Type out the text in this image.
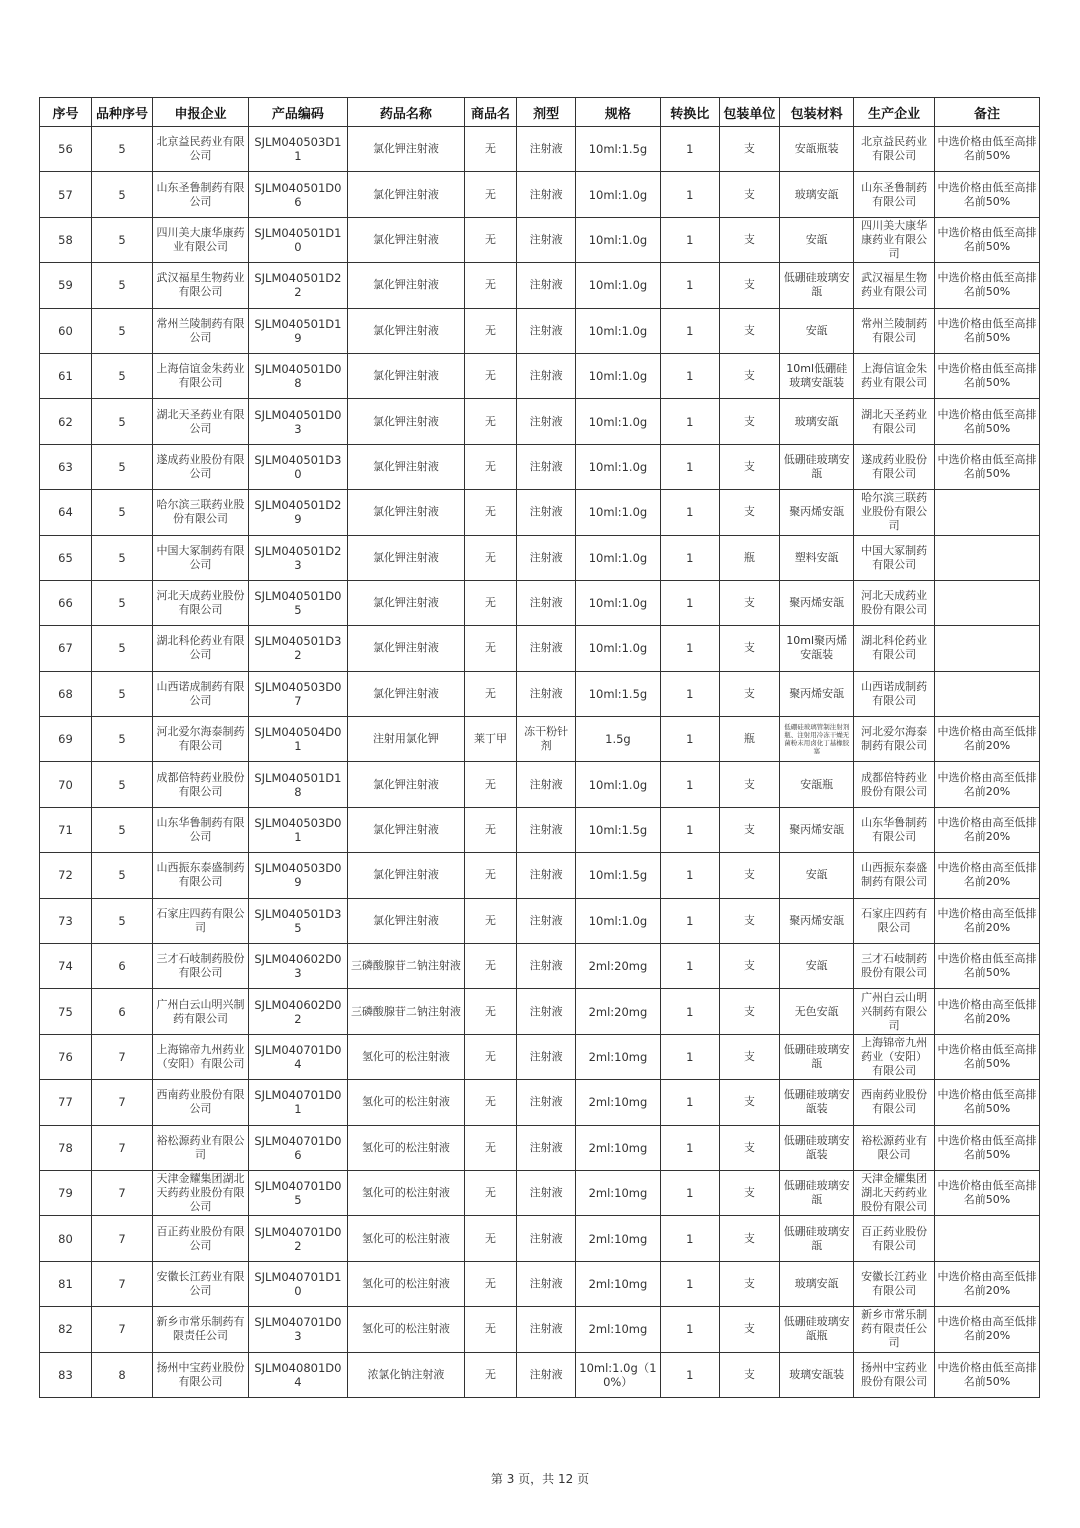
序号	品种序号	申报企业	产品编码	药品名称	商品名	剂型	规格	转换比	包装单位	包装材料	生产企业	备注
56	5	北京益民药业有限公司	SJLM040503D11	氯化钾注射液	无	注射液	10ml:1.5g	1	支	安瓿瓶装	北京益民药业有限公司	中选价格由低至高排名前50%
57	5	山东圣鲁制药有限公司	SJLM040501D06	氯化钾注射液	无	注射液	10ml:1.0g	1	支	玻璃安瓿	山东圣鲁制药有限公司	中选价格由低至高排名前50%
58	5	四川美大康华康药业有限公司	SJLM040501D10	氯化钾注射液	无	注射液	10ml:1.0g	1	支	安瓿	四川美大康华康药业有限公司	中选价格由低至高排名前50%
59	5	武汉福星生物药业有限公司	SJLM040501D22	氯化钾注射液	无	注射液	10ml:1.0g	1	支	低硼硅玻璃安瓿	武汉福星生物药业有限公司	中选价格由低至高排名前50%
60	5	常州兰陵制药有限公司	SJLM040501D19	氯化钾注射液	无	注射液	10ml:1.0g	1	支	安瓿	常州兰陵制药有限公司	中选价格由低至高排名前50%
61	5	上海信谊金朱药业有限公司	SJLM040501D08	氯化钾注射液	无	注射液	10ml:1.0g	1	支	10ml低硼硅玻璃安瓿装	上海信谊金朱药业有限公司	中选价格由低至高排名前50%
62	5	湖北天圣药业有限公司	SJLM040501D03	氯化钾注射液	无	注射液	10ml:1.0g	1	支	玻璃安瓿	湖北天圣药业有限公司	中选价格由低至高排名前50%
63	5	遂成药业股份有限公司	SJLM040501D30	氯化钾注射液	无	注射液	10ml:1.0g	1	支	低硼硅玻璃安瓿	遂成药业股份有限公司	中选价格由低至高排名前50%
64	5	哈尔滨三联药业股份有限公司	SJLM040501D29	氯化钾注射液	无	注射液	10ml:1.0g	1	支	聚丙烯安瓿	哈尔滨三联药业股份有限公司	
65	5	中国大冢制药有限公司	SJLM040501D23	氯化钾注射液	无	注射液	10ml:1.0g	1	瓶	塑料安瓿	中国大冢制药有限公司	
66	5	河北天成药业股份有限公司	SJLM040501D05	氯化钾注射液	无	注射液	10ml:1.0g	1	支	聚丙烯安瓿	河北天成药业股份有限公司	
67	5	湖北科伦药业有限公司	SJLM040501D32	氯化钾注射液	无	注射液	10ml:1.0g	1	支	10ml聚丙烯安瓿装	湖北科伦药业有限公司	
68	5	山西诺成制药有限公司	SJLM040503D07	氯化钾注射液	无	注射液	10ml:1.5g	1	支	聚丙烯安瓿	山西诺成制药有限公司	
69	5	河北爱尔海泰制药有限公司	SJLM040504D01	注射用氯化钾	莱丁甲	冻干粉针剂	1.5g	1	瓶	低硼硅玻璃管制注射剂瓶、注射用冷冻干燥无菌粉末用卤化丁基橡胶塞	河北爱尔海泰制药有限公司	中选价格由高至低排名前20%
70	5	成都倍特药业股份有限公司	SJLM040501D18	氯化钾注射液	无	注射液	10ml:1.0g	1	支	安瓿瓶	成都倍特药业股份有限公司	中选价格由高至低排名前20%
71	5	山东华鲁制药有限公司	SJLM040503D01	氯化钾注射液	无	注射液	10ml:1.5g	1	支	聚丙烯安瓿	山东华鲁制药有限公司	中选价格由高至低排名前20%
72	5	山西振东泰盛制药有限公司	SJLM040503D09	氯化钾注射液	无	注射液	10ml:1.5g	1	支	安瓿	山西振东泰盛制药有限公司	中选价格由高至低排名前20%
73	5	石家庄四药有限公司	SJLM040501D35	氯化钾注射液	无	注射液	10ml:1.0g	1	支	聚丙烯安瓿	石家庄四药有限公司	中选价格由高至低排名前20%
74	6	三才石岐制药股份有限公司	SJLM040602D03	三磷酸腺苷二钠注射液	无	注射液	2ml:20mg	1	支	安瓿	三才石岐制药股份有限公司	中选价格由低至高排名前50%
75	6	广州白云山明兴制药有限公司	SJLM040602D02	三磷酸腺苷二钠注射液	无	注射液	2ml:20mg	1	支	无色安瓿	广州白云山明兴制药有限公司	中选价格由高至低排名前20%
76	7	上海锦帝九州药业（安阳）有限公司	SJLM040701D04	氢化可的松注射液	无	注射液	2ml:10mg	1	支	低硼硅玻璃安瓿	上海锦帝九州药业（安阳）有限公司	中选价格由低至高排名前50%
77	7	西南药业股份有限公司	SJLM040701D01	氢化可的松注射液	无	注射液	2ml:10mg	1	支	低硼硅玻璃安瓿装	西南药业股份有限公司	中选价格由低至高排名前50%
78	7	裕松源药业有限公司	SJLM040701D06	氢化可的松注射液	无	注射液	2ml:10mg	1	支	低硼硅玻璃安瓿装	裕松源药业有限公司	中选价格由低至高排名前50%
79	7	天津金耀集团湖北天药药业股份有限公司	SJLM040701D05	氢化可的松注射液	无	注射液	2ml:10mg	1	支	低硼硅玻璃安瓿	天津金耀集团湖北天药药业股份有限公司	中选价格由低至高排名前50%
80	7	百正药业股份有限公司	SJLM040701D02	氢化可的松注射液	无	注射液	2ml:10mg	1	支	低硼硅玻璃安瓿	百正药业股份有限公司	
81	7	安徽长江药业有限公司	SJLM040701D10	氢化可的松注射液	无	注射液	2ml:10mg	1	支	玻璃安瓿	安徽长江药业有限公司	中选价格由高至低排名前20%
82	7	新乡市常乐制药有限责任公司	SJLM040701D03	氢化可的松注射液	无	注射液	2ml:10mg	1	支	低硼硅玻璃安瓿瓶	新乡市常乐制药有限责任公司	中选价格由高至低排名前20%
83	8	扬州中宝药业股份有限公司	SJLM040801D04	浓氯化钠注射液	无	注射液	10ml:1.0g（10%）	1	支	玻璃安瓿装	扬州中宝药业股份有限公司	中选价格由低至高排名前50%
第 3 页，共 12 页
